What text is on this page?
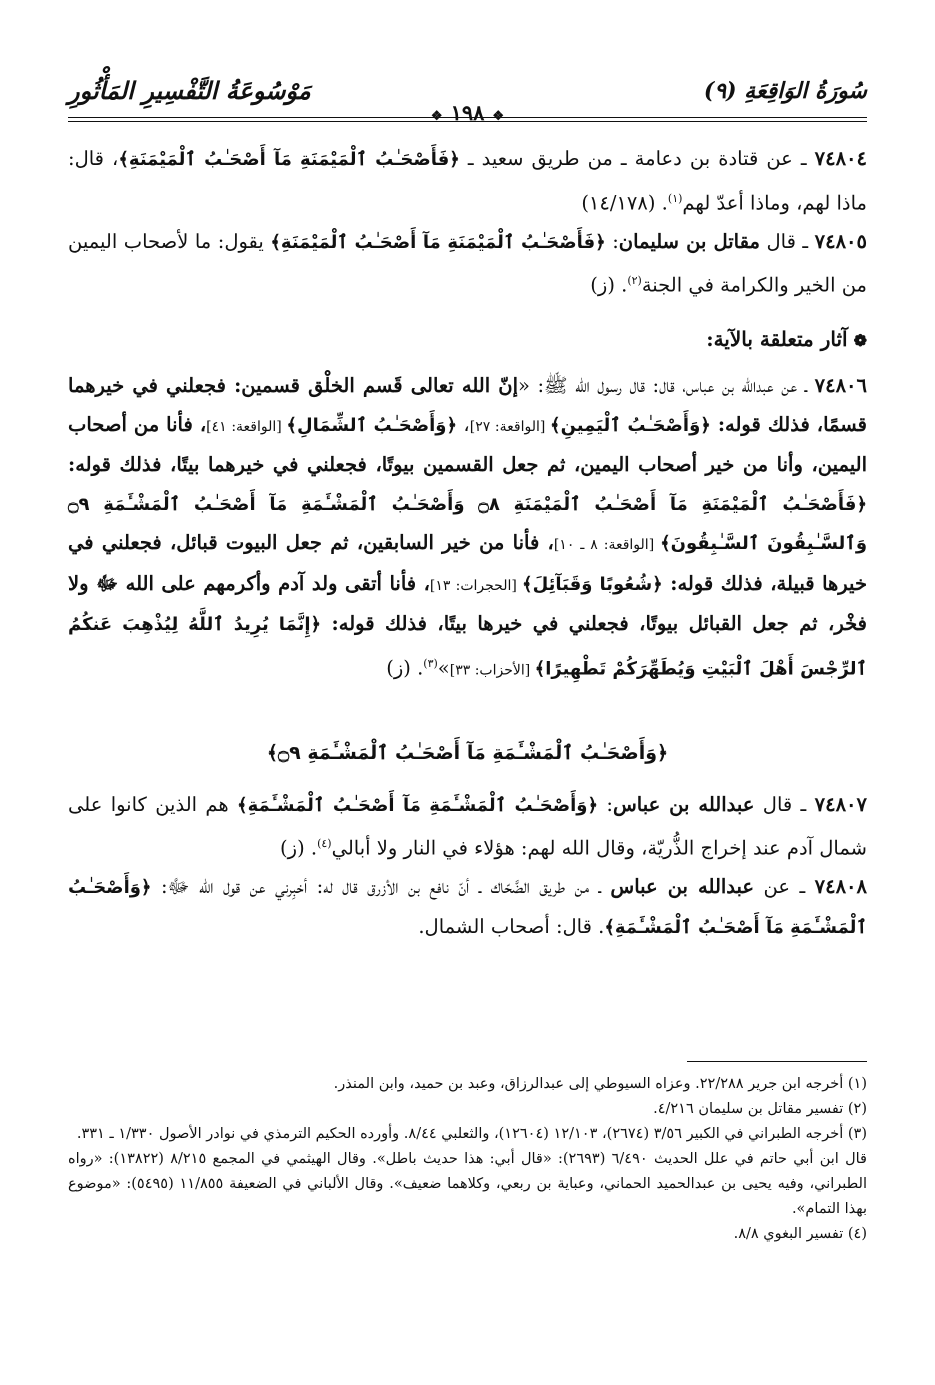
سُورَةُ الوَاقِعَةِ (٩)
❖١٩٨❖
مَوْسُوعَةُ التَّفْسِيرِ المَأْثُورِ

٧٤٨٠٤ ـ عن قتادة بن دعامة ـ من طريق سعيد ـ ﴿فَأَصْحَـٰبُ ٱلْمَيْمَنَةِ مَآ أَصْحَـٰبُ ٱلْمَيْمَنَةِ﴾، قال: ماذا لهم، وماذا أعدّ لهم$^{(١)}$. (١٤/١٧٨)

٧٤٨٠٥ ـ قال مقاتل بن سليمان: ﴿فَأَصْحَـٰبُ ٱلْمَيْمَنَةِ مَآ أَصْحَـٰبُ ٱلْمَيْمَنَةِ﴾ يقول: ما لأصحاب اليمين من الخير والكرامة في الجنة$^{(٢)}$. (ز)

❁آثار متعلقة بالآية:

٧٤٨٠٦ ـ عن عبدالله بن عباس، قال: قال رسول الله ﷺ: «إنّ الله تعالى قَسم الخلْق قسمين: فجعلني في خيرهما قسمًا، فذلك قوله: ﴿وَأَصْحَـٰبُ ٱلْيَمِينِ﴾ [الواقعة: ٢٧]، ﴿وَأَصْحَـٰبُ ٱلشِّمَالِ﴾ [الواقعة: ٤١]، فأنا من أصحاب اليمين، وأنا من خير أصحاب اليمين، ثم جعل القسمين بيوتًا، فجعلني في خيرهما بيتًا، فذلك قوله: ﴿فَأَصْحَـٰبُ ٱلْمَيْمَنَةِ مَآ أَصْحَـٰبُ ٱلْمَيْمَنَةِ ۝٨ وَأَصْحَـٰبُ ٱلْمَشْـَٔمَةِ مَآ أَصْحَـٰبُ ٱلْمَشْـَٔمَةِ ۝٩ وَٱلسَّـٰبِقُونَ ٱلسَّـٰبِقُونَ﴾ [الواقعة: ٨ ـ ١٠]، فأنا من خير السابقين، ثم جعل البيوت قبائل، فجعلني في خيرها قبيلة، فذلك قوله: ﴿شُعُوبًا وَقَبَآئِلَ﴾ [الحجرات: ١٣]، فأنا أتقى ولد آدم وأكرمهم على الله ﷻ ولا فخْر، ثم جعل القبائل بيوتًا، فجعلني في خيرها بيتًا، فذلك قوله: ﴿إِنَّمَا يُرِيدُ ٱللَّهُ لِيُذْهِبَ عَنكُمُ ٱلرِّجْسَ أَهْلَ ٱلْبَيْتِ وَيُطَهِّرَكُمْ تَطْهِيرًا﴾ [الأحزاب: ٣٣]»$^{(٣)}$. (ز)

﴿وَأَصْحَـٰبُ ٱلْمَشْـَٔمَةِ مَآ أَصْحَـٰبُ ٱلْمَشْـَٔمَةِ ۝٩﴾

٧٤٨٠٧ ـ قال عبدالله بن عباس: ﴿وَأَصْحَـٰبُ ٱلْمَشْـَٔمَةِ مَآ أَصْحَـٰبُ ٱلْمَشْـَٔمَةِ﴾ هم الذين كانوا على شمال آدم عند إخراج الذُّريّة، وقال الله لهم: هؤلاء في النار ولا أبالي$^{(٤)}$. (ز)

٧٤٨٠٨ ـ عن عبدالله بن عباس ـ من طريق الضَّحّاك ـ أنّ نافع بن الأزرق قال له: أخبِرني عن قول الله ﷻ: ﴿وَأَصْحَـٰبُ ٱلْمَشْـَٔمَةِ مَآ أَصْحَـٰبُ ٱلْمَشْـَٔمَةِ﴾. قال: أصحاب الشمال.

(١) أخرجه ابن جرير ٢٢/٢٨٨. وعزاه السيوطي إلى عبدالرزاق، وعبد بن حميد، وابن المنذر.

(٢) تفسير مقاتل بن سليمان ٤/٢١٦.

(٣) أخرجه الطبراني في الكبير ٣/٥٦ (٢٦٧٤)، ١٢/١٠٣ (١٢٦٠٤)، والثعلبي ٨/٤٤. وأورده الحكيم الترمذي في نوادر الأصول ١/٣٣٠ ـ ٣٣١.

قال ابن أبي حاتم في علل الحديث ٦/٤٩٠ (٢٦٩٣): «قال أبي: هذا حديث باطل». وقال الهيثمي في المجمع ٨/٢١٥ (١٣٨٢٢): «رواه الطبراني، وفيه يحيى بن عبدالحميد الحماني، وعباية بن ربعي، وكلاهما ضعيف». وقال الألباني في الضعيفة ١١/٨٥٥ (٥٤٩٥): «موضوع بهذا التمام».

(٤) تفسير البغوي ٨/٨.
